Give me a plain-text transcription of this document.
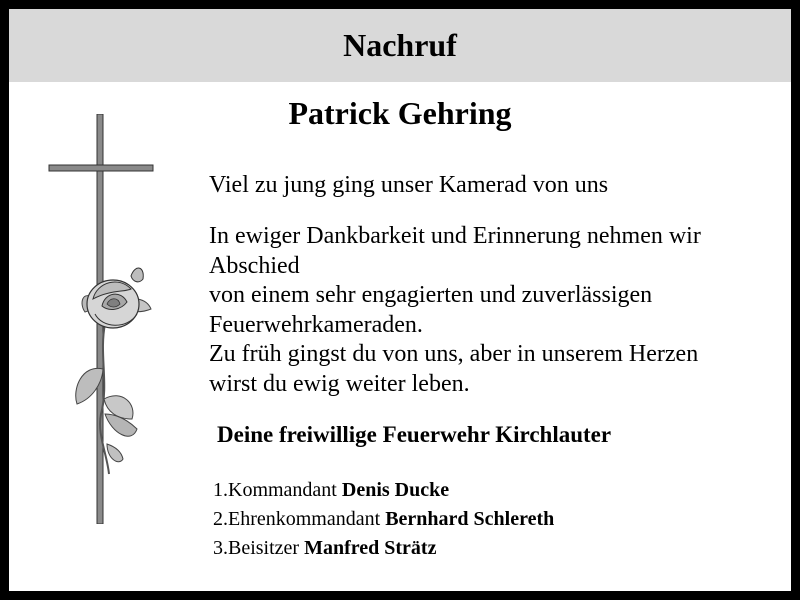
Nachruf
Patrick Gehring
Viel zu jung ging unser Kamerad von uns
In ewiger Dankbarkeit und Erinnerung nehmen wir
Abschied
von einem sehr engagierten und zuverlässigen
Feuerwehrkameraden.
Zu früh gingst du von uns, aber in unserem Herzen
wirst du ewig weiter leben.
Deine freiwillige Feuerwehr Kirchlauter
1.Kommandant Denis Ducke
2.Ehrenkommandant Bernhard Schlereth
3.Beisitzer Manfred Strätz
